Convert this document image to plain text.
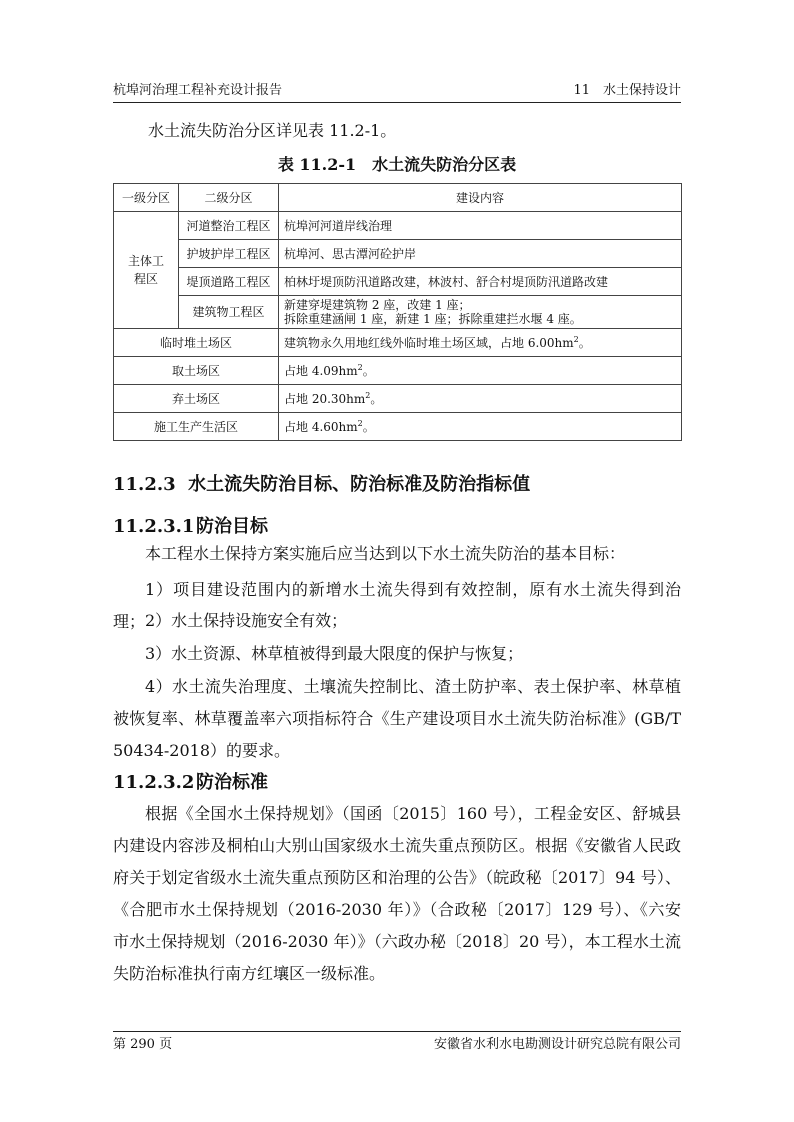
杭埠河治理工程补充设计报告	11　水土保持设计
水土流失防治分区详见表 11.2-1。
表 11.2-1　水土流失防治分区表
一级分区	二级分区	建设内容
主体工程区	河道整治工程区	杭埠河河道岸线治理
	护坡护岸工程区	杭埠河、思古潭河砼护岸
	堤顶道路工程区	柏林圩堤顶防汛道路改建，林波村、舒合村堤顶防汛道路改建
	建筑物工程区	新建穿堤建筑物 2 座，改建 1 座；
拆除重建涵闸 1 座，新建 1 座；拆除重建拦水堰 4 座。

临时堆土场区		建筑物永久用地红线外临时堆土场区域，占地 $6.00hm^2$。
取土场区		占地 $4.09hm^2$。
弃土场区		占地 $20.30hm^2$。
施工生产生活区		占地 $4.60hm^2$。
11.2.3  水土流失防治目标、防治标准及防治指标值
11.2.3.1防治目标
本工程水土保持方案实施后应当达到以下水土流失防治的基本目标：
1）项目建设范围内的新增水土流失得到有效控制，原有水土流失得到治理； 2）水土保持设施安全有效；
3）水土资源、林草植被得到最大限度的保护与恢复；
4）水土流失治理度、土壤流失控制比、渣土防护率、表土保护率、林草植被恢复率、林草覆盖率六项指标符合《生产建设项目水土流失防治标准》(GB/T 50434-2018）的要求。
11.2.3.2防治标准
根据《全国水土保持规划》（国函〔2015〕160 号），工程金安区、舒城县内建设内容涉及桐柏山大别山国家级水土流失重点预防区。根据《安徽省人民政府关于划定省级水土流失重点预防区和治理的公告》（皖政秘〔2017〕94 号）、《合肥市水土保持规划（2016-2030 年）》（合政秘〔2017〕129 号）、《六安市水土保持规划（2016-2030 年）》（六政办秘〔2018〕20 号），本工程水土流失防治标准执行南方红壤区一级标准。
第 290 页	安徽省水利水电勘测设计研究总院有限公司
